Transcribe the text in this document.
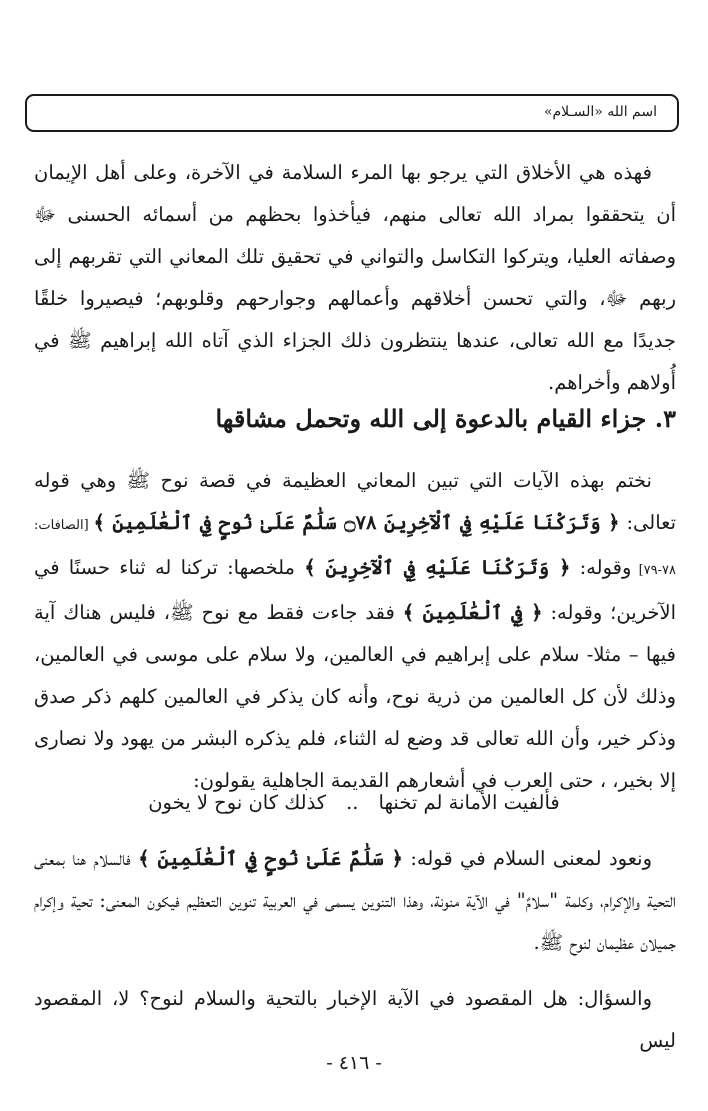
اسم الله «السـلام»

فهذه هي الأخلاق التي يرجو بها المرء السلامة في الآخرة، وعلى أهل الإيمان أن يتحققوا بمراد الله تعالى منهم، فيأخذوا بحظهم من أسمائه الحسنى ﷻ وصفاته العليا، ويتركوا التكاسل والتواني في تحقيق تلك المعاني التي تقربهم إلى ربهم ﷻ، والتي تحسن أخلاقهم وأعمالهم وجوارحهم وقلوبهم؛ فيصيروا خلقًا جديدًا مع الله تعالى، عندها ينتظرون ذلك الجزاء الذي آتاه الله إبراهيم ﷺ في أُولاهم وأخراهم.

٣. جزاء القيام بالدعوة إلى الله وتحمل مشاقها

نختم بهذه الآيات التي تبين المعاني العظيمة في قصة نوح ﷺ وهي قوله تعالى: ﴿ وَتَرَكْنَا عَلَيْهِ فِي ٱلْآخِرِينَ ۝٧٨ سَلَٰمٌ عَلَىٰ نُوحٍ فِي ٱلْعَٰلَمِينَ ﴾ [الصافات: ٧٨-٧٩] وقوله: ﴿ وَتَرَكْنَا عَلَيْهِ فِي ٱلْآخِرِينَ ﴾ ملخصها: تركنا له ثناء حسنًا في الآخرين؛ وقوله: ﴿ فِي ٱلْعَٰلَمِينَ ﴾ فقد جاءت فقط مع نوح ﷺ، فليس هناك آية فيها – مثلا- سلام على إبراهيم في العالمين، ولا سلام على موسى في العالمين، وذلك لأن كل العالمين من ذرية نوح، وأنه كان يذكر في العالمين كلهم ذكر صدق وذكر خير، وأن الله تعالى قد وضع له الثناء، فلم يذكره البشر من يهود ولا نصارى إلا بخير، ، حتى العرب في أشعارهم القديمة الجاهلية يقولون:

فألفيت الأمانة لم تخنها..كذلك كان نوح لا يخون

ونعود لمعنى السلام في قوله: ﴿ سَلَٰمٌ عَلَىٰ نُوحٍ فِي ٱلْعَٰلَمِينَ ﴾ فالسلام هنا بمعنى التحية والإكرام، وكلمة "سلامٌ" في الآية منونة، وهذا التنوين يسمى في العربية تنوين التعظيم فيكون المعنى: تحية وإكرام جميلان عظيمان لنوح ﷺ.

والسؤال: هل المقصود في الآية الإخبار بالتحية والسلام لنوح؟ لا، المقصود ليس

- ٤١٦ -
